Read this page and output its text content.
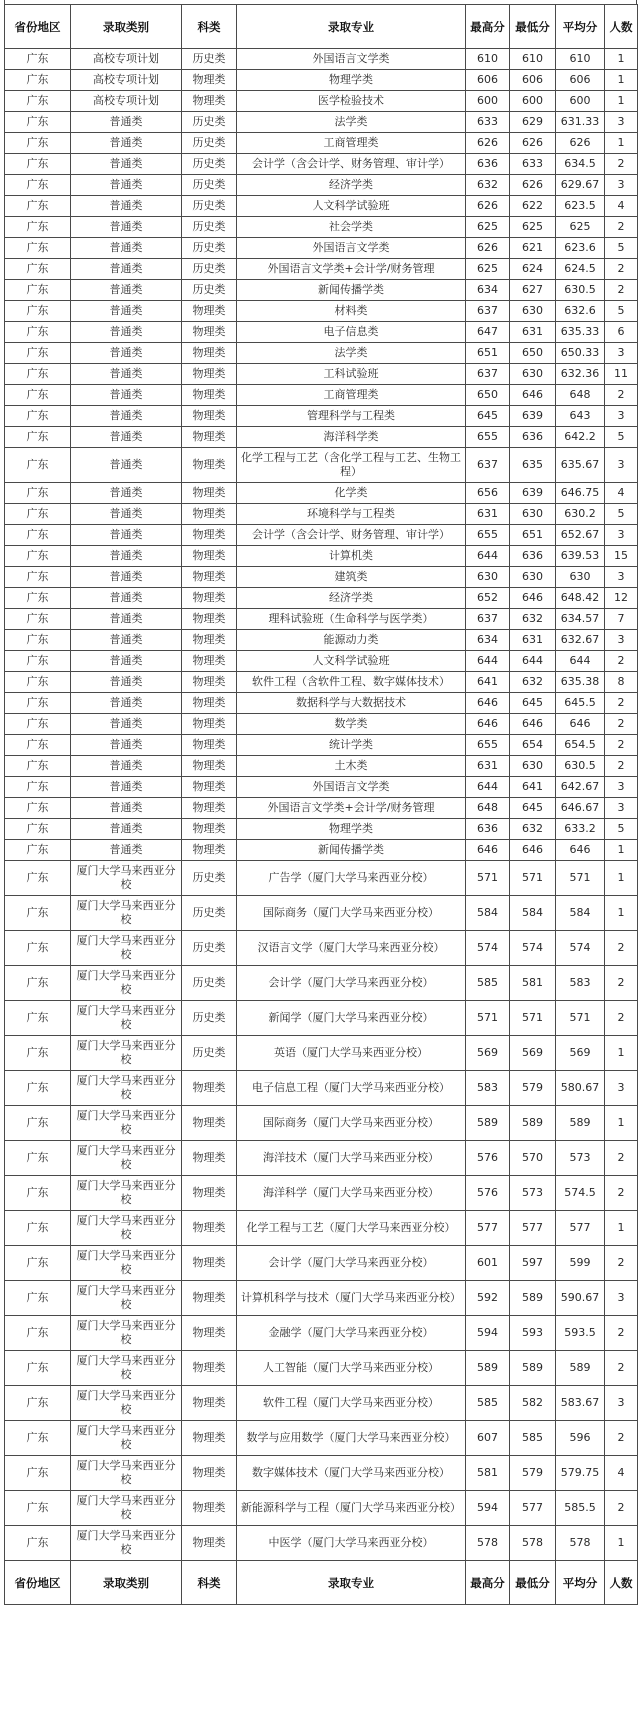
省份地区	录取类别	科类	录取专业	最高分	最低分	平均分	人数
广东	高校专项计划	历史类	外国语言文学类	610	610	610	1
广东	高校专项计划	物理类	物理学类	606	606	606	1
广东	高校专项计划	物理类	医学检验技术	600	600	600	1
广东	普通类	历史类	法学类	633	629	631.33	3
广东	普通类	历史类	工商管理类	626	626	626	1
广东	普通类	历史类	会计学（含会计学、财务管理、审计学）	636	633	634.5	2
广东	普通类	历史类	经济学类	632	626	629.67	3
广东	普通类	历史类	人文科学试验班	626	622	623.5	4
广东	普通类	历史类	社会学类	625	625	625	2
广东	普通类	历史类	外国语言文学类	626	621	623.6	5
广东	普通类	历史类	外国语言文学类+会计学/财务管理	625	624	624.5	2
广东	普通类	历史类	新闻传播学类	634	627	630.5	2
广东	普通类	物理类	材料类	637	630	632.6	5
广东	普通类	物理类	电子信息类	647	631	635.33	6
广东	普通类	物理类	法学类	651	650	650.33	3
广东	普通类	物理类	工科试验班	637	630	632.36	11
广东	普通类	物理类	工商管理类	650	646	648	2
广东	普通类	物理类	管理科学与工程类	645	639	643	3
广东	普通类	物理类	海洋科学类	655	636	642.2	5
广东	普通类	物理类	化学工程与工艺（含化学工程与工艺、生物工程）	637	635	635.67	3
广东	普通类	物理类	化学类	656	639	646.75	4
广东	普通类	物理类	环境科学与工程类	631	630	630.2	5
广东	普通类	物理类	会计学（含会计学、财务管理、审计学）	655	651	652.67	3
广东	普通类	物理类	计算机类	644	636	639.53	15
广东	普通类	物理类	建筑类	630	630	630	3
广东	普通类	物理类	经济学类	652	646	648.42	12
广东	普通类	物理类	理科试验班（生命科学与医学类）	637	632	634.57	7
广东	普通类	物理类	能源动力类	634	631	632.67	3
广东	普通类	物理类	人文科学试验班	644	644	644	2
广东	普通类	物理类	软件工程（含软件工程、数字媒体技术）	641	632	635.38	8
广东	普通类	物理类	数据科学与大数据技术	646	645	645.5	2
广东	普通类	物理类	数学类	646	646	646	2
广东	普通类	物理类	统计学类	655	654	654.5	2
广东	普通类	物理类	土木类	631	630	630.5	2
广东	普通类	物理类	外国语言文学类	644	641	642.67	3
广东	普通类	物理类	外国语言文学类+会计学/财务管理	648	645	646.67	3
广东	普通类	物理类	物理学类	636	632	633.2	5
广东	普通类	物理类	新闻传播学类	646	646	646	1
广东	厦门大学马来西亚分校	历史类	广告学（厦门大学马来西亚分校）	571	571	571	1
广东	厦门大学马来西亚分校	历史类	国际商务（厦门大学马来西亚分校）	584	584	584	1
广东	厦门大学马来西亚分校	历史类	汉语言文学（厦门大学马来西亚分校）	574	574	574	2
广东	厦门大学马来西亚分校	历史类	会计学（厦门大学马来西亚分校）	585	581	583	2
广东	厦门大学马来西亚分校	历史类	新闻学（厦门大学马来西亚分校）	571	571	571	2
广东	厦门大学马来西亚分校	历史类	英语（厦门大学马来西亚分校）	569	569	569	1
广东	厦门大学马来西亚分校	物理类	电子信息工程（厦门大学马来西亚分校）	583	579	580.67	3
广东	厦门大学马来西亚分校	物理类	国际商务（厦门大学马来西亚分校）	589	589	589	1
广东	厦门大学马来西亚分校	物理类	海洋技术（厦门大学马来西亚分校）	576	570	573	2
广东	厦门大学马来西亚分校	物理类	海洋科学（厦门大学马来西亚分校）	576	573	574.5	2
广东	厦门大学马来西亚分校	物理类	化学工程与工艺（厦门大学马来西亚分校）	577	577	577	1
广东	厦门大学马来西亚分校	物理类	会计学（厦门大学马来西亚分校）	601	597	599	2
广东	厦门大学马来西亚分校	物理类	计算机科学与技术（厦门大学马来西亚分校）	592	589	590.67	3
广东	厦门大学马来西亚分校	物理类	金融学（厦门大学马来西亚分校）	594	593	593.5	2
广东	厦门大学马来西亚分校	物理类	人工智能（厦门大学马来西亚分校）	589	589	589	2
广东	厦门大学马来西亚分校	物理类	软件工程（厦门大学马来西亚分校）	585	582	583.67	3
广东	厦门大学马来西亚分校	物理类	数学与应用数学（厦门大学马来西亚分校）	607	585	596	2
广东	厦门大学马来西亚分校	物理类	数字媒体技术（厦门大学马来西亚分校）	581	579	579.75	4
广东	厦门大学马来西亚分校	物理类	新能源科学与工程（厦门大学马来西亚分校）	594	577	585.5	2
广东	厦门大学马来西亚分校	物理类	中医学（厦门大学马来西亚分校）	578	578	578	1
省份地区	录取类别	科类	录取专业	最高分	最低分	平均分	人数
